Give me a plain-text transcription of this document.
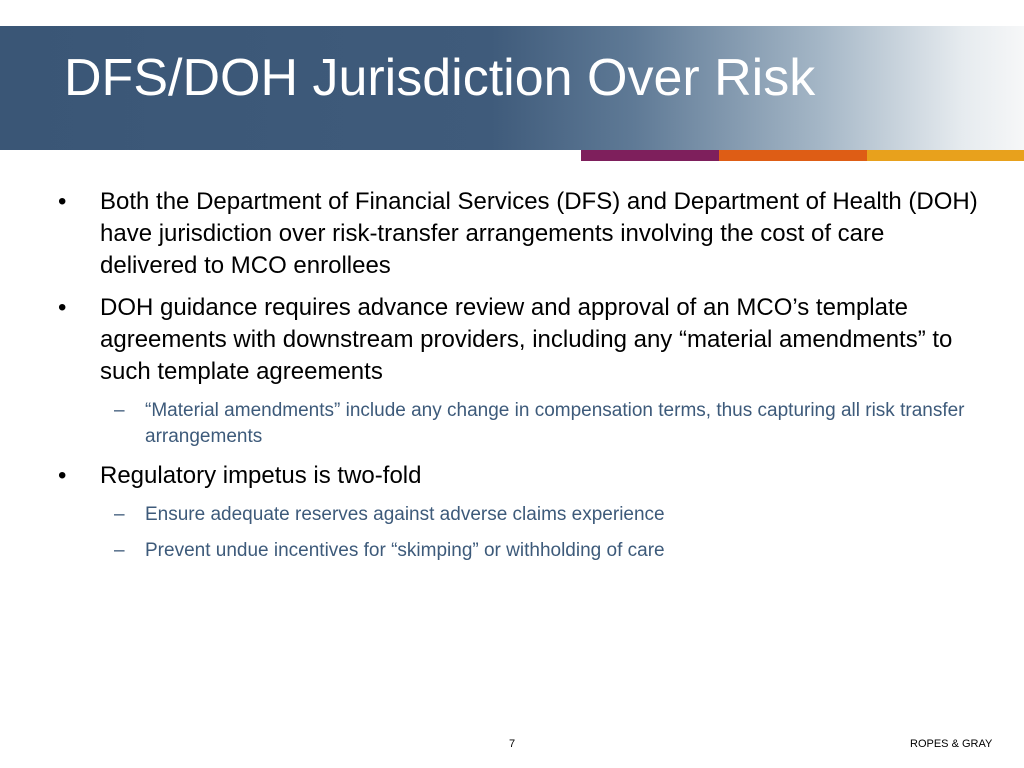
DFS/DOH Jurisdiction Over Risk
•	Both the Department of Financial Services (DFS) and Department of Health (DOH) have jurisdiction over risk-transfer arrangements involving the cost of care delivered to MCO enrollees
•	DOH guidance requires advance review and approval of an MCO’s template agreements with downstream providers, including any “material amendments” to such template agreements
– “Material amendments” include any change in compensation terms, thus capturing all risk transfer arrangements
•	Regulatory impetus is two-fold
– Ensure adequate reserves against adverse claims experience
– Prevent undue incentives for “skimping” or withholding of care
7	ROPES & GRAY
